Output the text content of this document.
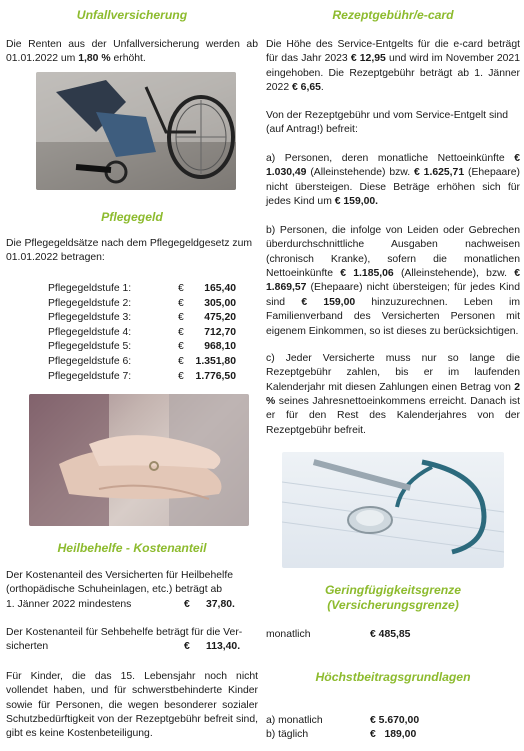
Unfallversicherung

Die Renten aus der Unfallversicherung werden ab 01.01.2022 um 1,80 % erhöht.

Pflegegeld

Die Pflegegeldsätze nach dem Pflegegeldgesetz zum 01.01.2022 betragen:

Pflegegeldstufe 1:	€	165,40
Pflegegeldstufe 2:	€	305,00
Pflegegeldstufe 3:	€	475,20
Pflegegeldstufe 4:	€	712,70
Pflegegeldstufe 5:	€	968,10
Pflegegeldstufe 6:	€	1.351,80
Pflegegeldstufe 7:	€	1.776,50
Heilbehelfe - Kostenanteil

Der Kostenanteil des Versicherten für Heilbehelfe

(orthopädische Schuheinlagen, etc.) beträgt ab

1. Jänner 2022 mindestens	€	37,80.

Der Kostenanteil für Sehbehelfe beträgt für die Ver-

sicherten	€	113,40.

Für Kinder, die das 15. Lebensjahr noch nicht vollendet haben, und für schwerstbehinderte Kinder sowie für Personen, die wegen besonderer sozialer Schutzbedürftigkeit von der Rezeptgebühr befreit sind, gibt es keine Kostenbeteiligung.

Rezeptgebühr/e-card

Die Höhe des Service-Entgelts für die e-card beträgt für das Jahr 2023 € 12,95 und wird im November 2021 eingehoben. Die Rezeptgebühr beträgt ab 1. Jänner 2022 € 6,65.

Von der Rezeptgebühr und vom Service-Entgelt sind (auf Antrag!) befreit:

a) Personen, deren monatliche Nettoeinkünfte € 1.030,49 (Alleinstehende) bzw. € 1.625,71 (Ehepaare) nicht übersteigen. Diese Beträge erhöhen sich für jedes Kind um € 159,00.

b) Personen, die infolge von Leiden oder Gebrechen überdurchschnittliche Ausgaben nachweisen (chronisch Kranke), sofern die monatlichen Nettoeinkünfte € 1.185,06 (Alleinstehende), bzw. € 1.869,57 (Ehepaare) nicht übersteigen; für jedes Kind sind € 159,00 hinzuzurechnen. Leben im Familienverband des Versicherten Personen mit eigenem Einkommen, so ist dieses zu berücksichtigen.

c) Jeder Versicherte muss nur so lange die Rezeptgebühr zahlen, bis er im laufenden Kalenderjahr mit diesen Zahlungen einen Betrag von 2 % seines Jahresnettoeinkommens erreicht. Danach ist er für den Rest des Kalenderjahres von der Rezeptgebühr befreit.

Geringfügigkeitsgrenze
(Versicherungsgrenze)
monatlich	€ 485,85
Höchstbeitragsgrundlagen
a) monatlich	€ 5.670,00
b) täglich	€   189,00
